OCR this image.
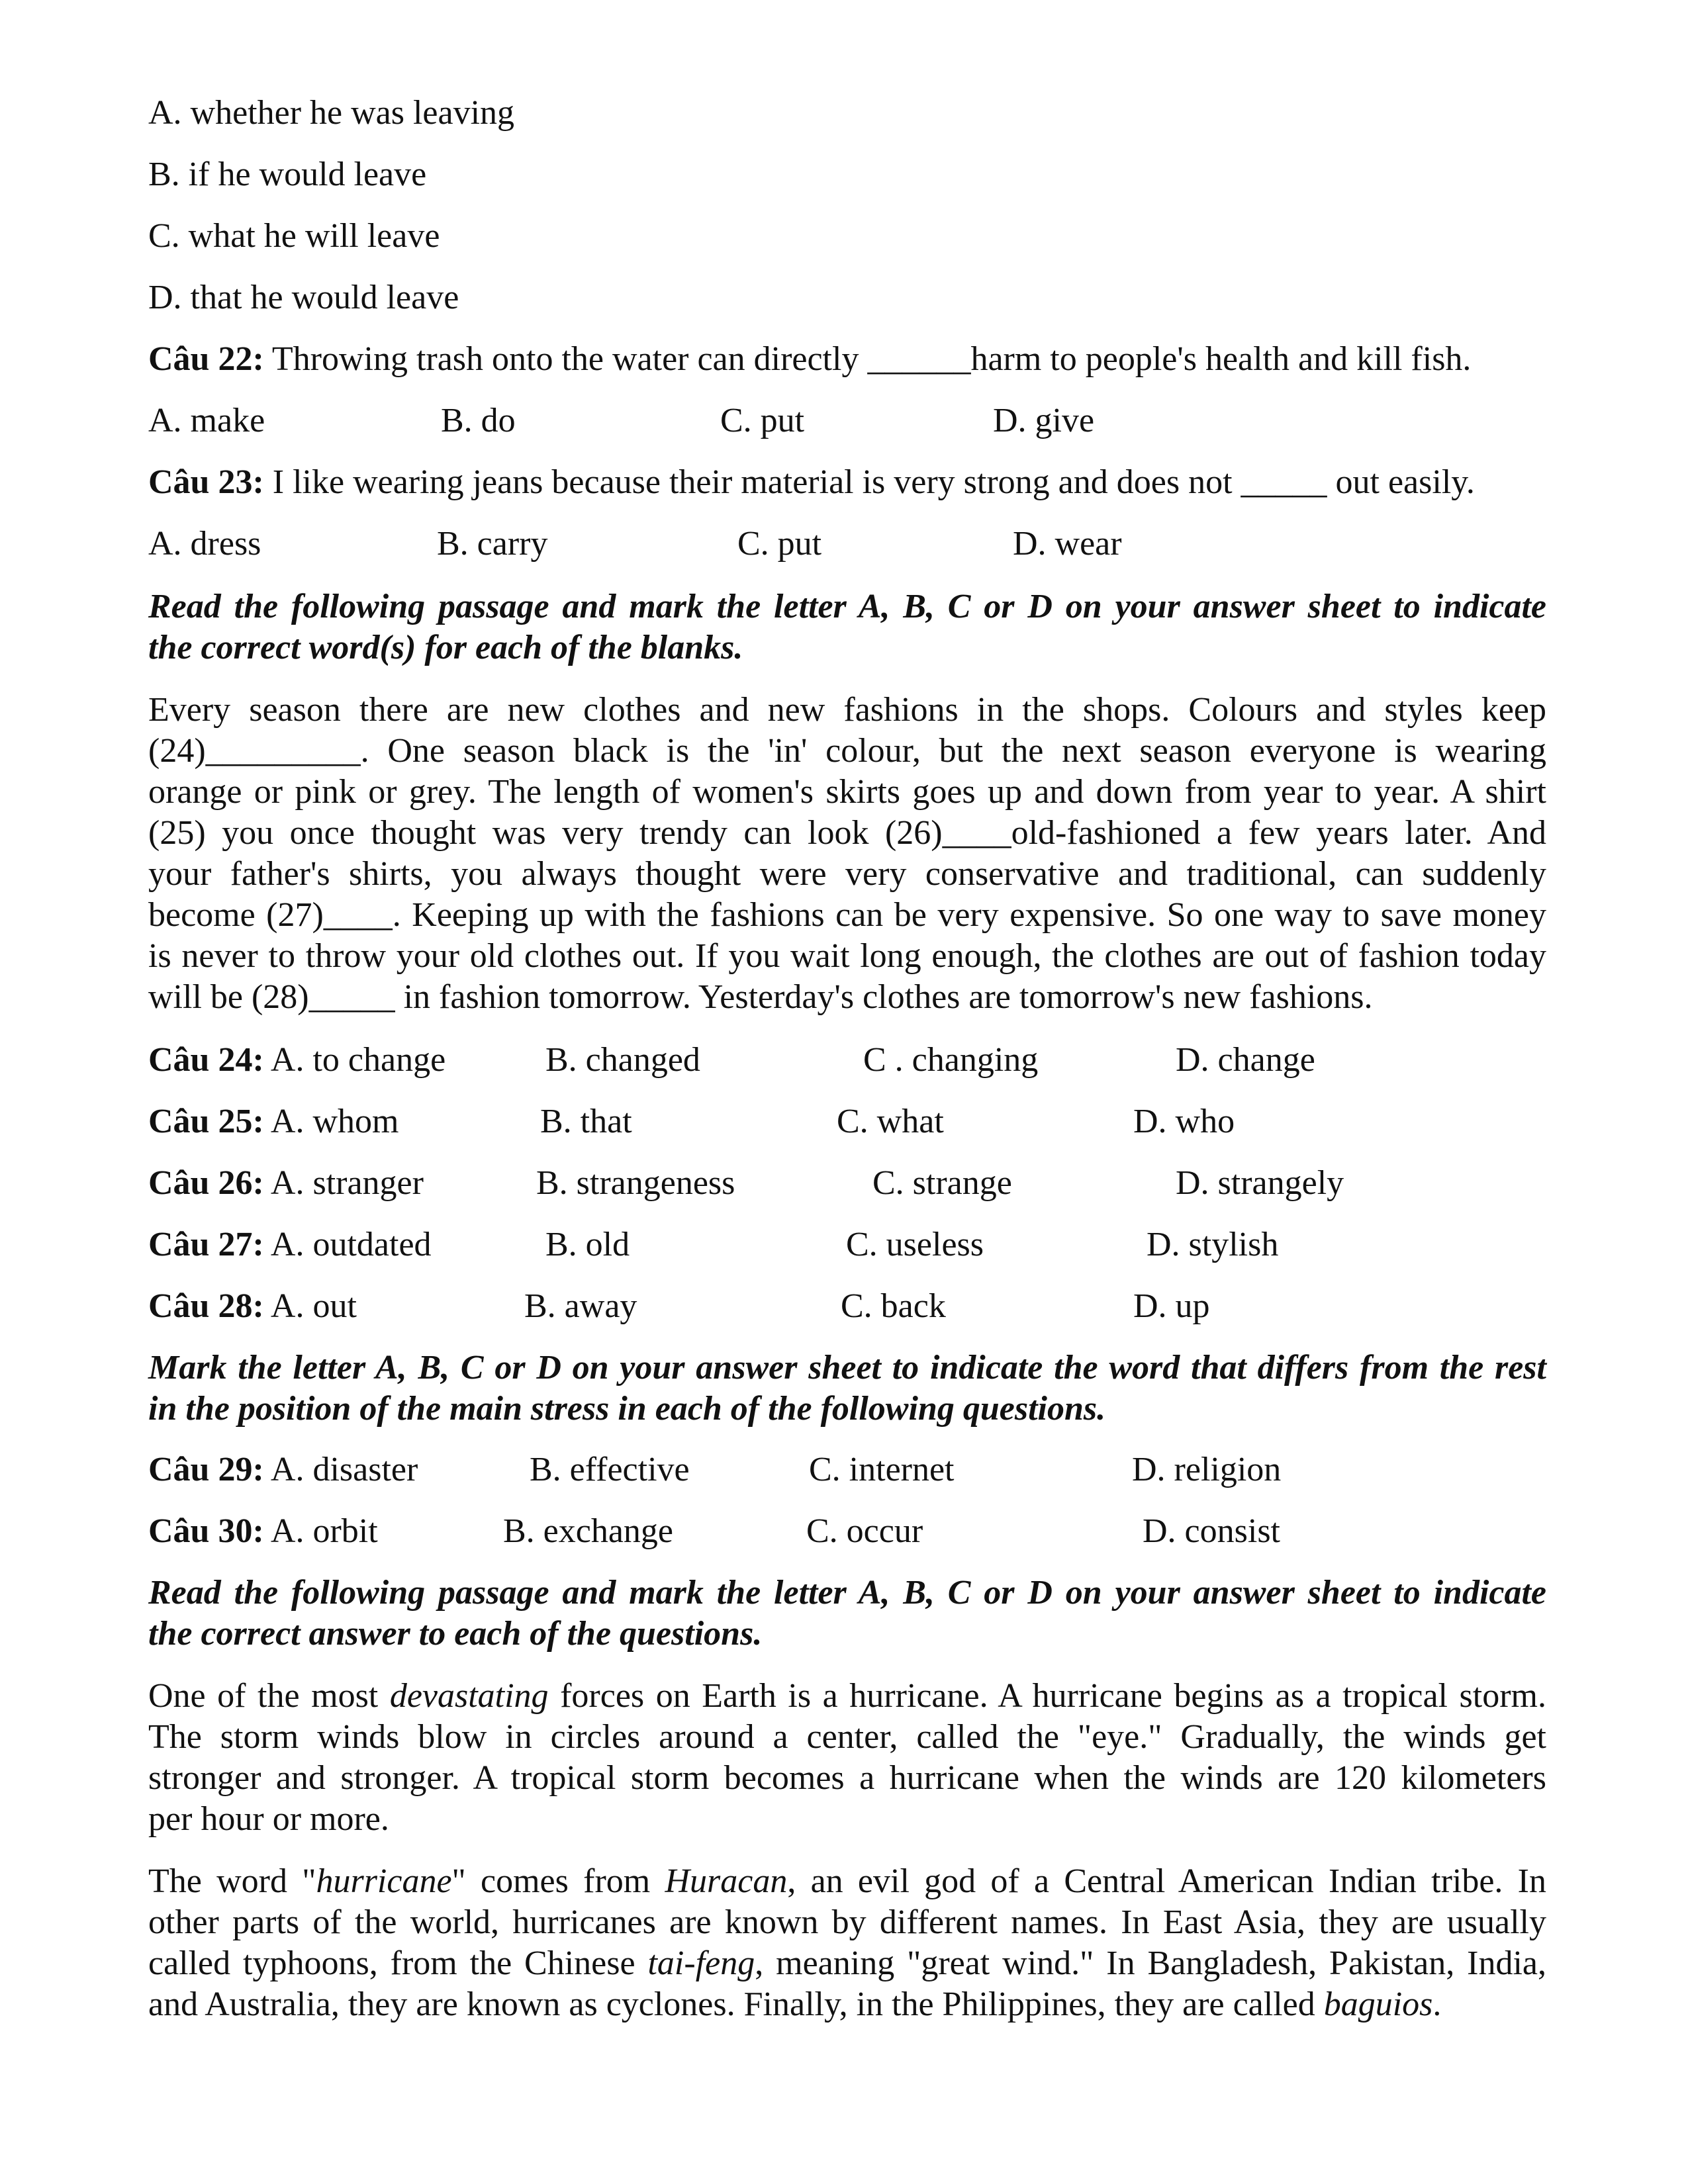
A. whether he was leaving
B. if he would leave
C. what he will leave
D. that he would leave
Câu 22: Throwing trash onto the water can directly ______harm to people's health and kill fish.
A. make	B. do	C. put	D. give
Câu 23: I like wearing jeans because their material is very strong and does not _____ out easily.
A. dress	B. carry	C. put	D. wear
Read the following passage and mark the letter A, B, C or D on your answer sheet to indicate
the correct word(s) for each of the blanks.
Every season there are new clothes and new fashions in the shops. Colours and styles keep
(24)_________. One season black is the 'in' colour, but the next season everyone is wearing
orange or pink or grey. The length of women's skirts goes up and down from year to year. A shirt
(25) you once thought was very trendy can look (26)____old-fashioned a few years later. And
your father's shirts, you always thought were very conservative and traditional, can suddenly
become (27)____. Keeping up with the fashions can be very expensive. So one way to save money
is never to throw your old clothes out. If you wait long enough, the clothes are out of fashion today
will be (28)_____ in fashion tomorrow. Yesterday's clothes are tomorrow's new fashions.
Câu 24: A. to change	B. changed	C . changing	D. change
Câu 25: A. whom	B. that	C. what	D. who
Câu 26: A. stranger	B. strangeness	C. strange	D. strangely
Câu 27: A. outdated	B. old	C. useless	D. stylish
Câu 28: A. out	B. away	C. back	D. up
Mark the letter A, B, C or D on your answer sheet to indicate the word that differs from the rest
in the position of the main stress in each of the following questions.
Câu 29: A. disaster	B. effective	C. internet	D. religion
Câu 30: A. orbit	B. exchange	C. occur	D. consist
Read the following passage and mark the letter A, B, C or D on your answer sheet to indicate
the correct answer to each of the questions.
One of the most devastating forces on Earth is a hurricane. A hurricane begins as a tropical storm.
The storm winds blow in circles around a center, called the "eye." Gradually, the winds get
stronger and stronger. A tropical storm becomes a hurricane when the winds are 120 kilometers
per hour or more.
The word "hurricane" comes from Huracan, an evil god of a Central American Indian tribe. In
other parts of the world, hurricanes are known by different names. In East Asia, they are usually
called typhoons, from the Chinese tai-feng, meaning "great wind." In Bangladesh, Pakistan, India,
and Australia, they are known as cyclones. Finally, in the Philippines, they are called baguios.
